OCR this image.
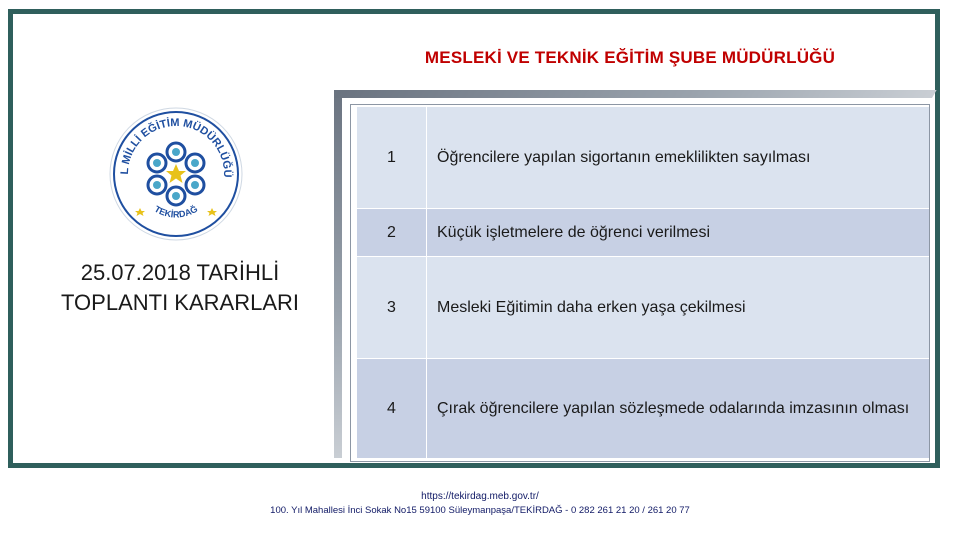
MESLEKİ VE TEKNİK EĞİTİM ŞUBE MÜDÜRLÜĞÜ
L MİLLİ EĞİTİM MÜDÜRLÜĞÜ
TEKİRDAĞ
25.07.2018 TARİHLİ
TOPLANTI KARARLARI
1	Öğrencilere yapılan sigortanın emeklilikten sayılması
2	Küçük işletmelere de öğrenci verilmesi
3	Mesleki Eğitimin daha erken yaşa çekilmesi
4	Çırak öğrencilere yapılan sözleşmede odalarında imzasının olması
https://tekirdag.meb.gov.tr/
100. Yıl Mahallesi İnci Sokak No15 59100 Süleymanpaşa/TEKİRDAĞ - 0 282 261 21 20 / 261 20 77
